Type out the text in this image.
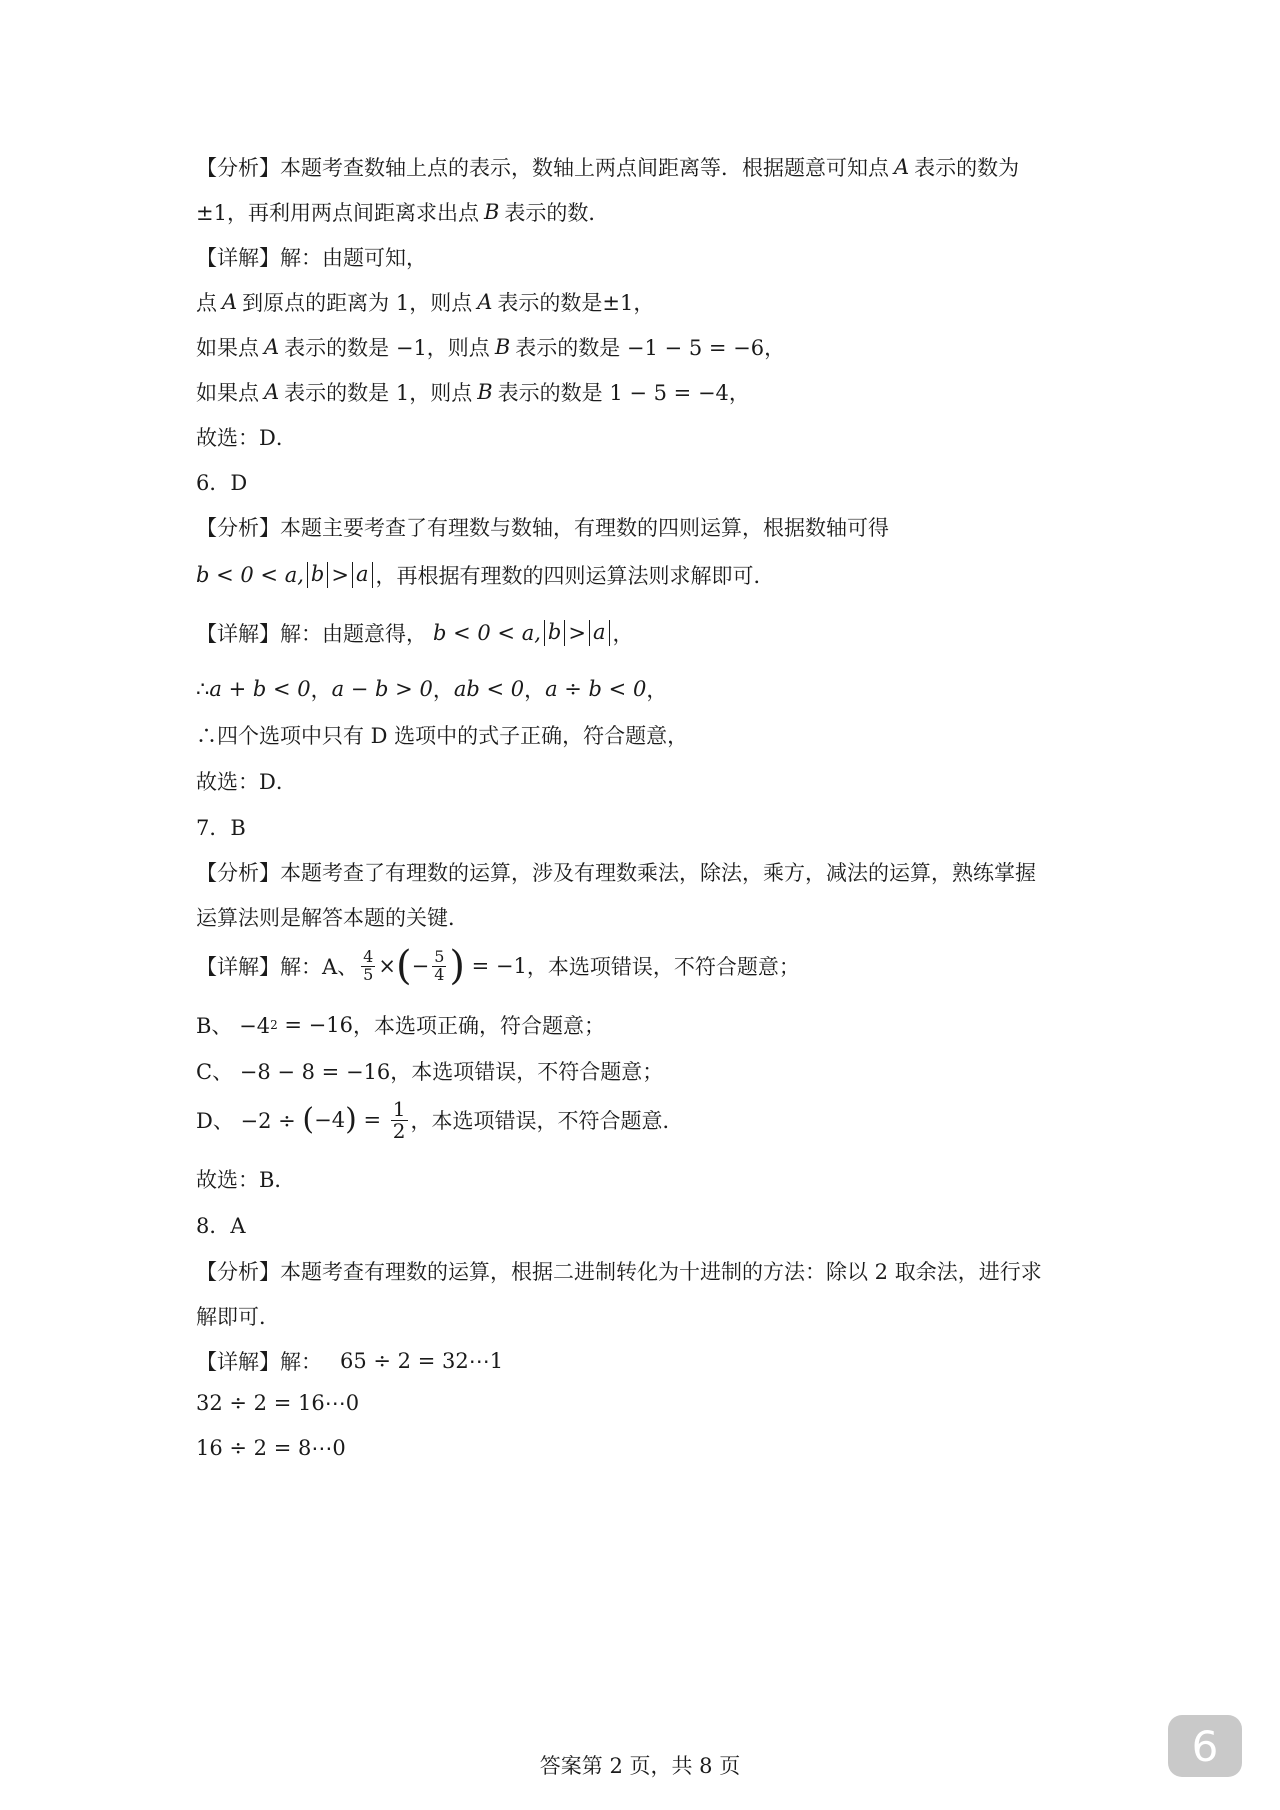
【分析】本题考查数轴上点的表示，数轴上两点间距离等．根据题意可知点 A 表示的数为
±1，再利用两点间距离求出点 B 表示的数．
【详解】解：由题可知，
点 A 到原点的距离为 1，则点 A 表示的数是±1，
如果点 A 表示的数是 −1，则点 B 表示的数是 −1 − 5 = −6，
如果点 A 表示的数是 1，则点 B 表示的数是 1 − 5 = −4，
故选：D．
6．D
【分析】本题主要考查了有理数与数轴，有理数的四则运算，根据数轴可得
b < 0 < a, b > a ，再根据有理数的四则运算法则求解即可．
【详解】解：由题意得， b < 0 < a, b > a ，
∴ a + b < 0 ， a − b > 0 ， ab < 0 ， a ÷ b < 0 ，
∴四个选项中只有 D 选项中的式子正确，符合题意，
故选：D．
7．B
【分析】本题考查了有理数的运算，涉及有理数乘法，除法，乘方，减法的运算，熟练掌握
运算法则是解答本题的关键．
【详解】解：A、 $\frac{4}{5}$ × ( − $\frac{5}{4}$ ) = −1 ，本选项错误，不符合题意；
B、 −4 2 = −16 ，本选项正确，符合题意；
C、 −8 − 8 = −16 ，本选项错误，不符合题意；
D、 −2 ÷ ( −4 ) = $\frac{1}{2}$ ，本选项错误，不符合题意．
故选：B．
8．A
【分析】本题考查有理数的运算，根据二进制转化为十进制的方法：除以 2 取余法，进行求
解即可．
【详解】解： 65 ÷ 2 = 32⋯1
32 ÷ 2 = 16⋯0
16 ÷ 2 = 8⋯0
答案第 2 页，共 8 页	6
